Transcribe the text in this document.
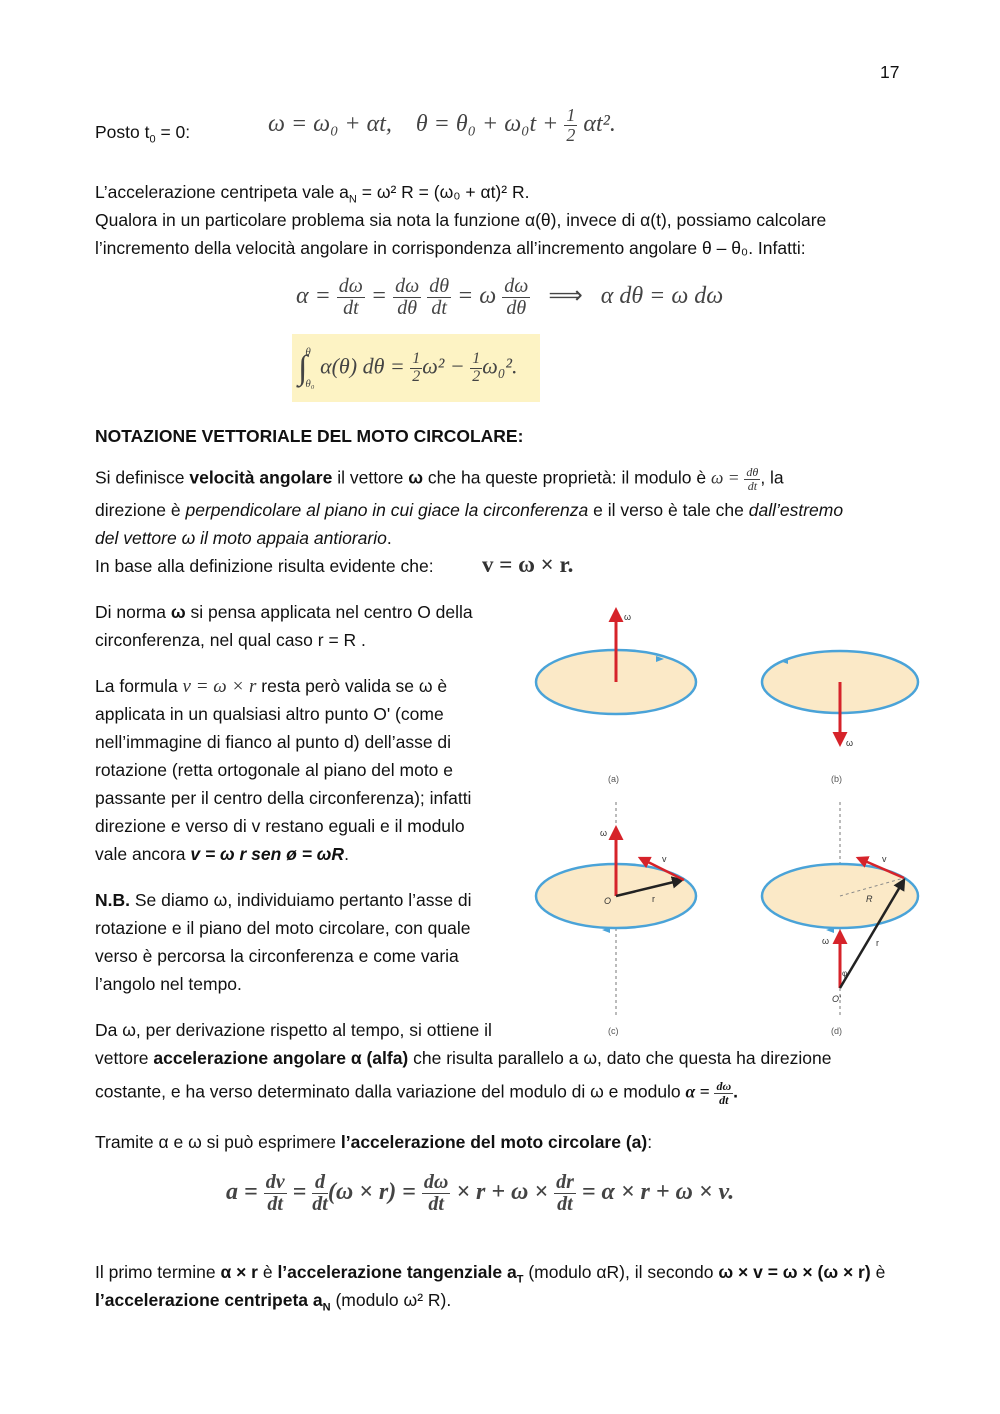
17
Posto $t_0 = 0$:	ω = ω₀ + αt, $\theta = \theta_0 + \omega_0t + \frac{1}{2} \alpha t^2$.
L’accelerazione centripeta vale $a_N = \omega^2$ R = (ω₀ + αt)² R.
Qualora in un particolare problema sia nota la funzione α(θ), invece di α(t), possiamo calcolare
l’incremento della velocità angolare in corrispondenza all’incremento angolare θ – θ₀. Infatti:
$\alpha = \frac{d\omega}{dt} = \frac{d\omega}{d\theta}$
$\frac{d\theta}{dt} = \omega \frac{d\omega}{d\theta}$ ⟹ α dθ = ω dω
∫
θ
θ₀
α(θ) $d\theta = \frac{1}{2} \omega^2 - \frac{1}{2} \omega_0^2$.
NOTAZIONE VETTORIALE DEL MOTO CIRCOLARE:
Si definisce velocità angolare il vettore ω che ha queste proprietà: il modulo è $\omega = \frac{d\theta}{dt}$ , la
direzione è perpendicolare al piano in cui giace la circonferenza e il verso è tale che dall’estremo
del vettore ω il moto appaia antiorario.
In base alla definizione risulta evidente che: v = ω × r.
Di norma ω si pensa applicata nel centro O della
circonferenza, nel qual caso r = R .
La formula v = ω × r resta però valida se ω è
applicata in un qualsiasi altro punto O' (come
nell’immagine di fianco al punto d) dell’asse di
rotazione (retta ortogonale al piano del moto e
passante per il centro della circonferenza); infatti
direzione e verso di v restano eguali e il modulo
vale ancora v = ω r sen ø = ωR.
N.B. Se diamo ω, individuiamo pertanto l’asse di
rotazione e il piano del moto circolare, con quale
verso è percorsa la circonferenza e come varia
l’angolo nel tempo.
Da ω, per derivazione rispetto al tempo, si ottiene il
vettore accelerazione angolare α (alfa) che risulta parallelo a ω, dato che questa ha direzione
costante, e ha verso determinato dalla variazione del modulo di ω e modulo $\alpha = \frac{d\omega}{dt}$ .
Tramite α e ω si può esprimere l’accelerazione del moto circolare (a):
$a = \frac{dv}{dt} = \frac{d}{dt} (\omega \times r) = \frac{d\omega}{dt} \times r + \omega \times \frac{dr}{dt} = \alpha \times r + \omega \times v$.
Il primo termine α × r è l’accelerazione tangenziale $a_T$ (modulo αR), il secondo ω × v = ω × (ω × r) è
l’accelerazione centripeta $a_N$ (modulo ω² R).
ω
(a)
ω
(b)
ω
v
r
O
(c)
R
ω	r
v
φ
O'
(d)
